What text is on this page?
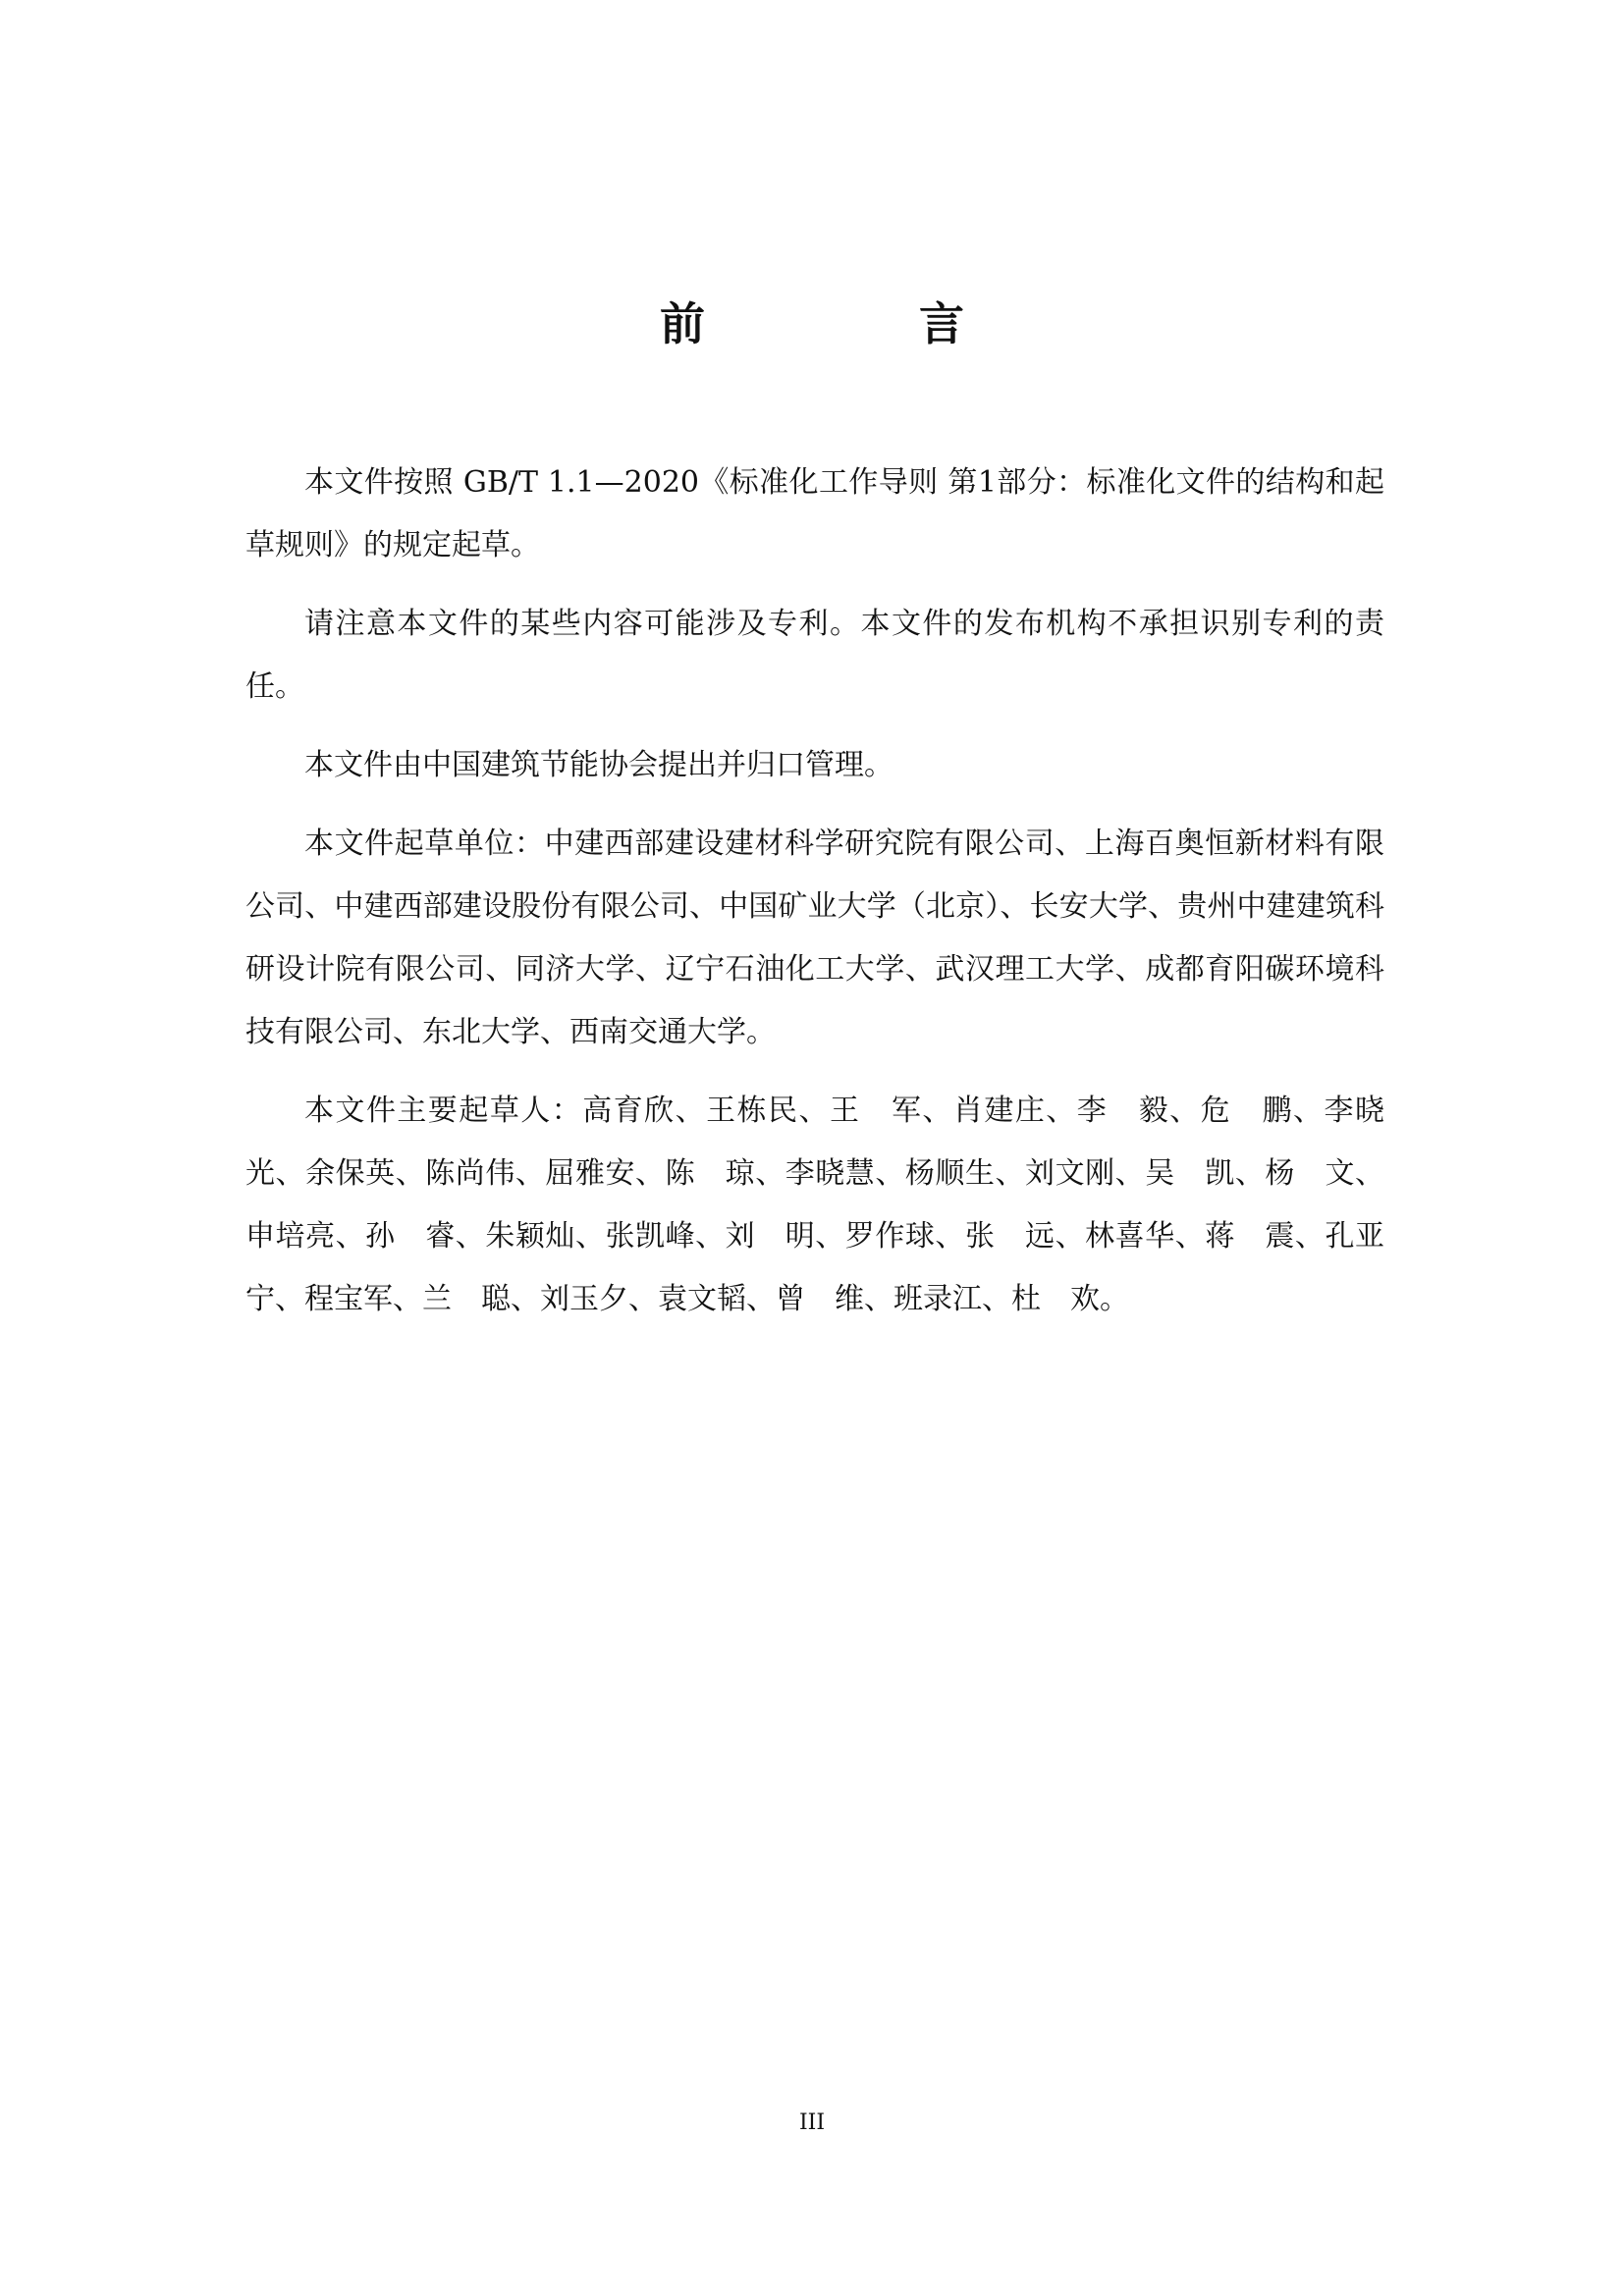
前　言

本文件按照 GB/T 1.1—2020《标准化工作导则 第1部分：标准化文件的结构和起草规则》的规定起草。

请注意本文件的某些内容可能涉及专利。本文件的发布机构不承担识别专利的责任。

本文件由中国建筑节能协会提出并归口管理。

本文件起草单位：中建西部建设建材科学研究院有限公司、上海百奥恒新材料有限公司、中建西部建设股份有限公司、中国矿业大学（北京）、长安大学、贵州中建建筑科研设计院有限公司、同济大学、辽宁石油化工大学、武汉理工大学、成都育阳碳环境科技有限公司、东北大学、西南交通大学。

本文件主要起草人：高育欣、王栋民、王　军、肖建庄、李　毅、危　鹏、李晓光、余保英、陈尚伟、屈雅安、陈　琼、李晓慧、杨顺生、刘文刚、吴　凯、杨　文、申培亮、孙　睿、朱颖灿、张凯峰、刘　明、罗作球、张　远、林喜华、蒋　震、孔亚宁、程宝军、兰　聪、刘玉夕、袁文韬、曾　维、班录江、杜　欢。

III
